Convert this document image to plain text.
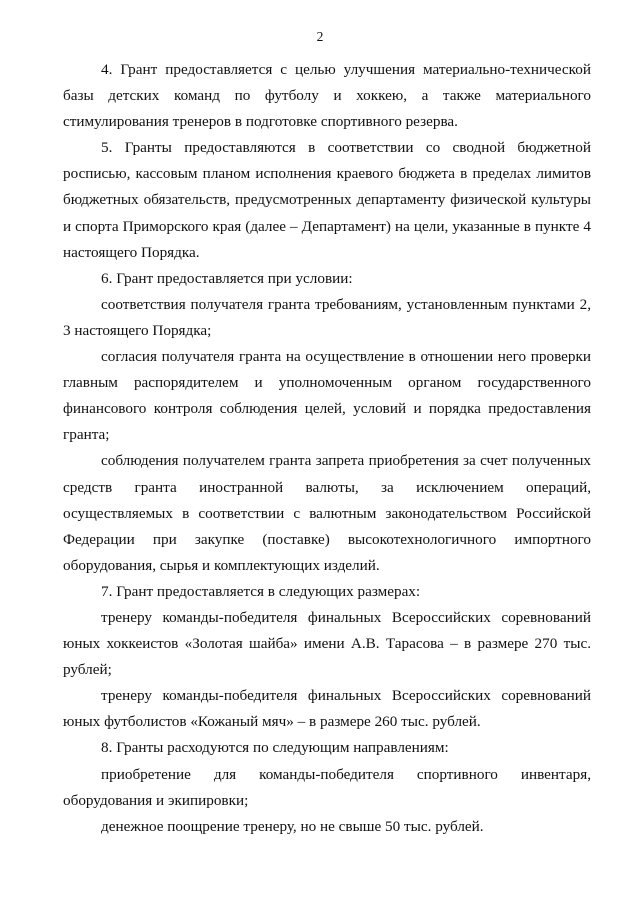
2

4. Грант предоставляется с целью улучшения материально-технической базы детских команд по футболу и хоккею, а также материального стимулирования тренеров в подготовке спортивного резерва.

5. Гранты предоставляются в соответствии со сводной бюджетной росписью, кассовым планом исполнения краевого бюджета в пределах лимитов бюджетных обязательств, предусмотренных департаменту физической культуры и спорта Приморского края (далее – Департамент) на цели, указанные в пункте 4 настоящего Порядка.

6. Грант предоставляется при условии:

соответствия получателя гранта требованиям, установленным пунктами 2, 3 настоящего Порядка;

согласия получателя гранта на осуществление в отношении него проверки главным распорядителем и уполномоченным органом государственного финансового контроля соблюдения целей, условий и порядка предоставления гранта;

соблюдения получателем гранта запрета приобретения за счет полученных средств гранта иностранной валюты, за исключением операций, осуществляемых в соответствии с валютным законодательством Российской Федерации при закупке (поставке) высокотехнологичного импортного оборудования, сырья и комплектующих изделий.

7. Грант предоставляется в следующих размерах:

тренеру команды-победителя финальных Всероссийских соревнований юных хоккеистов «Золотая шайба» имени А.В. Тарасова – в размере 270 тыс. рублей;

тренеру команды-победителя финальных Всероссийских соревнований юных футболистов «Кожаный мяч» – в размере 260 тыс. рублей.

8. Гранты расходуются по следующим направлениям:

приобретение для команды-победителя спортивного инвентаря, оборудования и экипировки;

денежное поощрение тренеру, но не свыше 50 тыс. рублей.
